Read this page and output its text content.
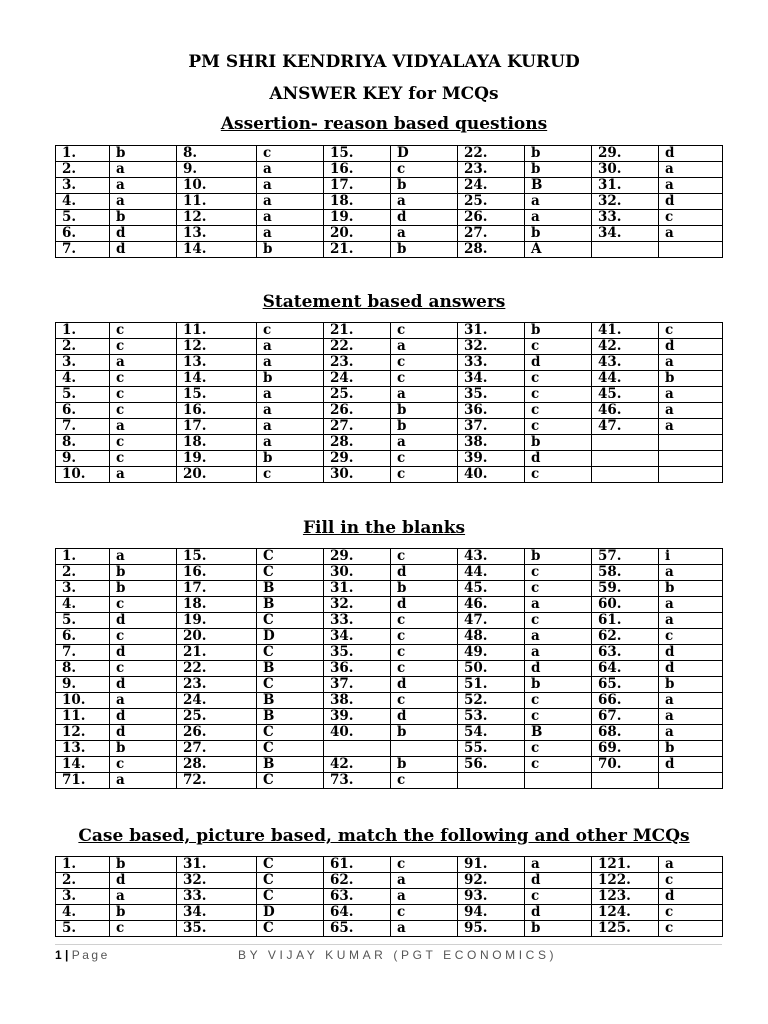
PM SHRI KENDRIYA VIDYALAYA KURUD
ANSWER KEY for MCQs
Assertion- reason based questions
1.	b	8.	c	15.	D	22.	b	29.	d
2.	a	9.	a	16.	c	23.	b	30.	a
3.	a	10.	a	17.	b	24.	B	31.	a
4.	a	11.	a	18.	a	25.	a	32.	d
5.	b	12.	a	19.	d	26.	a	33.	c
6.	d	13.	a	20.	a	27.	b	34.	a
7.	d	14.	b	21.	b	28.	A		
Statement based answers
1.	c	11.	c	21.	c	31.	b	41.	c
2.	c	12.	a	22.	a	32.	c	42.	d
3.	a	13.	a	23.	c	33.	d	43.	a
4.	c	14.	b	24.	c	34.	c	44.	b
5.	c	15.	a	25.	a	35.	c	45.	a
6.	c	16.	a	26.	b	36.	c	46.	a
7.	a	17.	a	27.	b	37.	c	47.	a
8.	c	18.	a	28.	a	38.	b		
9.	c	19.	b	29.	c	39.	d		
10.	a	20.	c	30.	c	40.	c		
Fill in the blanks
1.	a	15.	C	29.	c	43.	b	57.	i
2.	b	16.	C	30.	d	44.	c	58.	a
3.	b	17.	B	31.	b	45.	c	59.	b
4.	c	18.	B	32.	d	46.	a	60.	a
5.	d	19.	C	33.	c	47.	c	61.	a
6.	c	20.	D	34.	c	48.	a	62.	c
7.	d	21.	C	35.	c	49.	a	63.	d
8.	c	22.	B	36.	c	50.	d	64.	d
9.	d	23.	C	37.	d	51.	b	65.	b
10.	a	24.	B	38.	c	52.	c	66.	a
11.	d	25.	B	39.	d	53.	c	67.	a
12.	d	26.	C	40.	b	54.	B	68.	a
13.	b	27.	C			55.	c	69.	b
14.	c	28.	B	42.	b	56.	c	70.	d
71.	a	72.	C	73.	c				
Case based, picture based, match the following and other MCQs
1.	b	31.	C	61.	c	91.	a	121.	a
2.	d	32.	C	62.	a	92.	d	122.	c
3.	a	33.	C	63.	a	93.	c	123.	d
4.	b	34.	D	64.	c	94.	d	124.	c
5.	c	35.	C	65.	a	95.	b	125.	c
1 | Page	BY VIJAY KUMAR (PGT ECONOMICS)
